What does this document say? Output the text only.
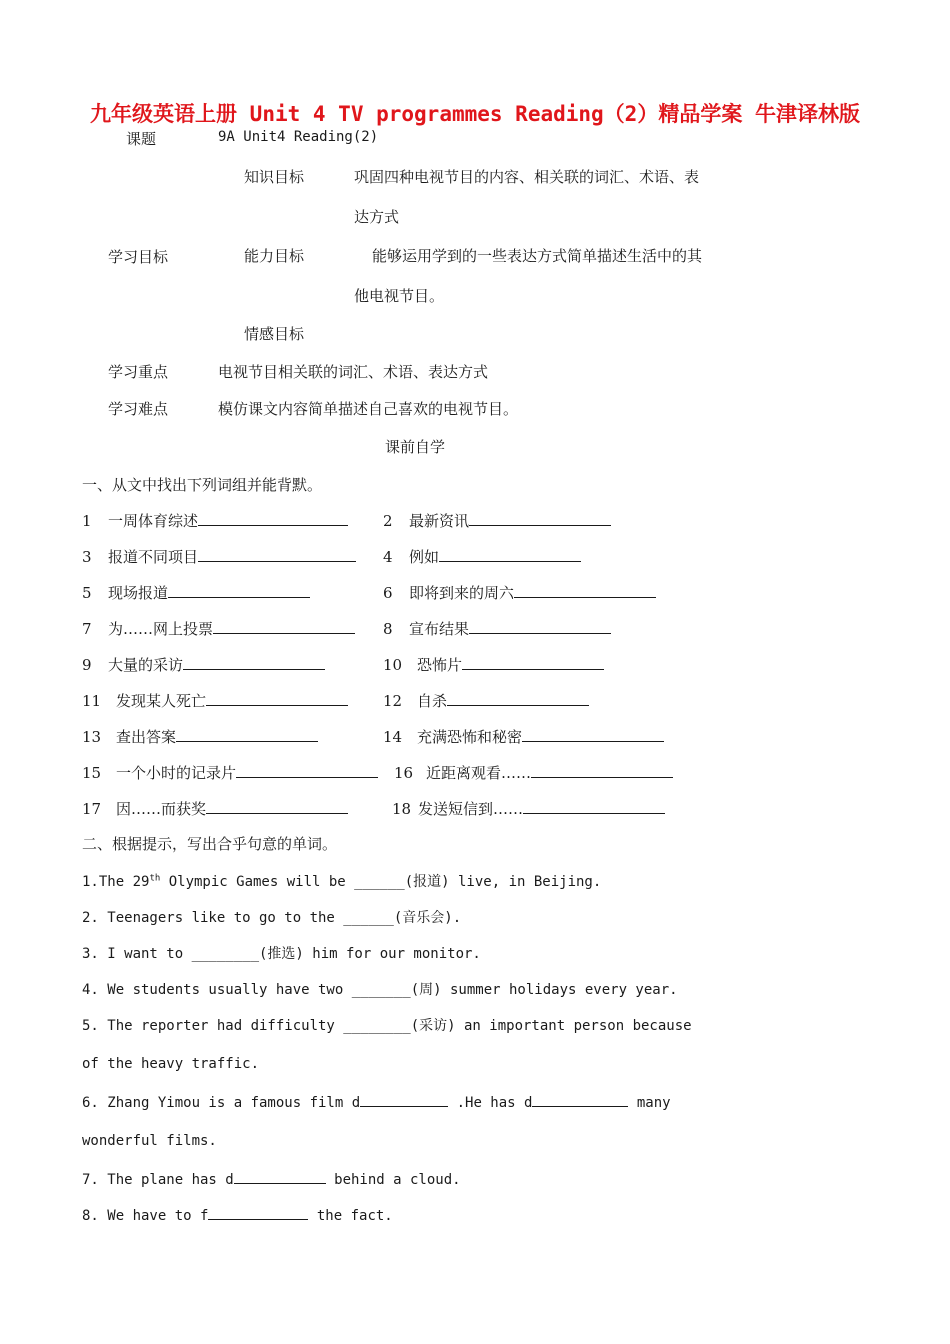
九年级英语上册 Unit 4 TV programmes Reading（2）精品学案 牛津译林版
课题	9A Unit4 Reading(2)
知识目标	巩固四种电视节目的内容、相关联的词汇、术语、表
达方式
学习目标	能力目标	能够运用学到的一些表达方式简单描述生活中的其
他电视节目。
情感目标
学习重点	电视节目相关联的词汇、术语、表达方式
学习难点	模仿课文内容简单描述自己喜欢的电视节目。
课前自学
一、从文中找出下列词组并能背默。
1 一周体育综述	2 最新资讯
3 报道不同项目	4 例如
5 现场报道	6 即将到来的周六
7 为……网上投票	8 宣布结果
9 大量的采访	10 恐怖片
11 发现某人死亡	12 自杀
13 查出答案	14 充满恐怖和秘密
15 一个小时的记录片	16 近距离观看……
17 因……而获奖	18 发送短信到……
二、根据提示，写出合乎句意的单词。
1.The 29th Olympic Games will be ______(报道) live, in Beijing.
2. Teenagers like to go to the ______(音乐会).
3. I want to ________(推选) him for our monitor.
4. We students usually have two _______(周) summer holidays every year.
5. The reporter had difficulty ________(采访) an important person because
of the heavy traffic.
6. Zhang Yimou is a famous film d	.He has d	many
wonderful films.
7. The plane has d	behind a cloud.
8. We have to f	the fact.
